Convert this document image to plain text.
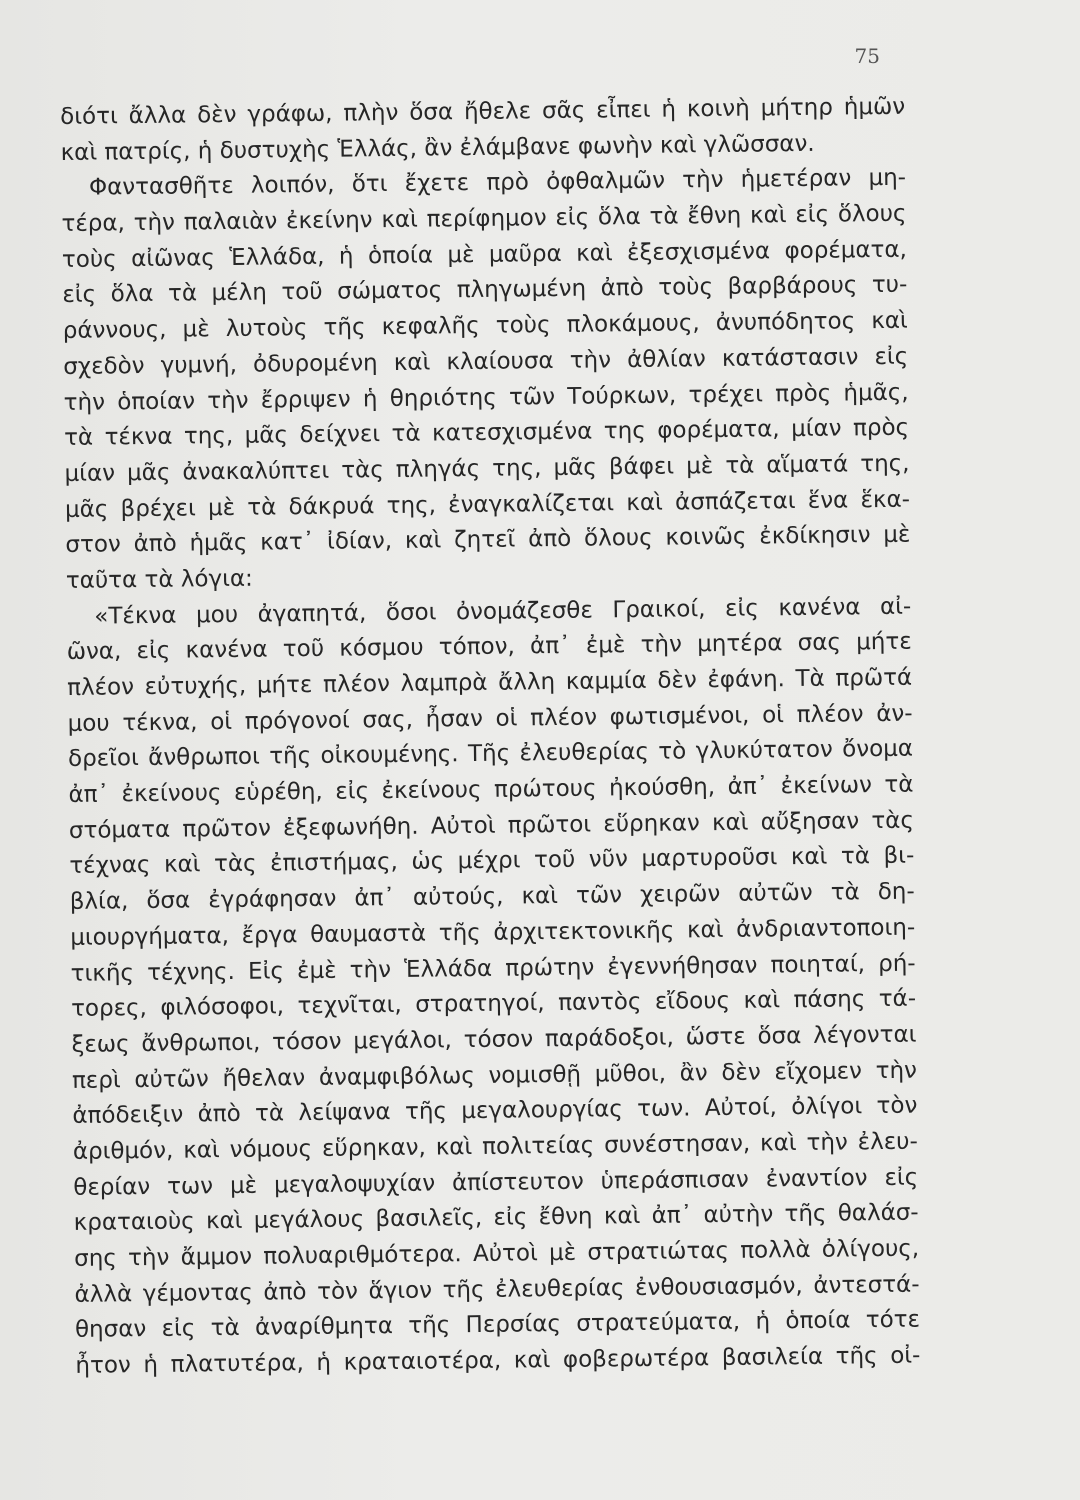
75
διότι ἄλλα δὲν γράφω, πλὴν ὅσα ἤθελε σᾶς εἶπει ἡ κοινὴ μήτηρ ἡμῶν
καὶ πατρίς, ἡ δυστυχὴς Ἑλλάς, ἂν ἐλάμβανε φωνὴν καὶ γλῶσσαν.
Φαντασθῆτε λοιπόν, ὅτι ἔχετε πρὸ ὀφθαλμῶν τὴν ἡμετέραν μη-
τέρα, τὴν παλαιὰν ἐκείνην καὶ περίφημον εἰς ὅλα τὰ ἔθνη καὶ εἰς ὅλους
τοὺς αἰῶνας Ἑλλάδα, ἡ ὁποία μὲ μαῦρα καὶ ἐξεσχισμένα φορέματα,
εἰς ὅλα τὰ μέλη τοῦ σώματος πληγωμένη ἀπὸ τοὺς βαρβάρους τυ-
ράννους, μὲ λυτοὺς τῆς κεφαλῆς τοὺς πλοκάμους, ἀνυπόδητος καὶ
σχεδὸν γυμνή, ὀδυρομένη καὶ κλαίουσα τὴν ἀθλίαν κατάστασιν εἰς
τὴν ὁποίαν τὴν ἔρριψεν ἡ θηριότης τῶν Τούρκων, τρέχει πρὸς ἡμᾶς,
τὰ τέκνα της, μᾶς δείχνει τὰ κατεσχισμένα της φορέματα, μίαν πρὸς
μίαν μᾶς ἀνακαλύπτει τὰς πληγάς της, μᾶς βάφει μὲ τὰ αἵματά της,
μᾶς βρέχει μὲ τὰ δάκρυά της, ἐναγκαλίζεται καὶ ἀσπάζεται ἕνα ἕκα-
στον ἀπὸ ἡμᾶς κατ᾽ ἰδίαν, καὶ ζητεῖ ἀπὸ ὅλους κοινῶς ἐκδίκησιν μὲ
ταῦτα τὰ λόγια:
«Τέκνα μου ἀγαπητά, ὅσοι ὀνομάζεσθε Γραικοί, εἰς κανένα αἰ-
ῶνα, εἰς κανένα τοῦ κόσμου τόπον, ἀπ᾽ ἐμὲ τὴν μητέρα σας μήτε
πλέον εὐτυχής, μήτε πλέον λαμπρὰ ἄλλη καμμία δὲν ἐφάνη. Τὰ πρῶτά
μου τέκνα, οἱ πρόγονοί σας, ἦσαν οἱ πλέον φωτισμένοι, οἱ πλέον ἀν-
δρεῖοι ἄνθρωποι τῆς οἰκουμένης. Τῆς ἐλευθερίας τὸ γλυκύτατον ὄνομα
ἀπ᾽ ἐκείνους εὑρέθη, εἰς ἐκείνους πρώτους ἠκούσθη, ἀπ᾽ ἐκείνων τὰ
στόματα πρῶτον ἐξεφωνήθη. Αὐτοὶ πρῶτοι εὕρηκαν καὶ αὔξησαν τὰς
τέχνας καὶ τὰς ἐπιστήμας, ὡς μέχρι τοῦ νῦν μαρτυροῦσι καὶ τὰ βι-
βλία, ὅσα ἐγράφησαν ἀπ᾽ αὐτούς, καὶ τῶν χειρῶν αὐτῶν τὰ δη-
μιουργήματα, ἔργα θαυμαστὰ τῆς ἀρχιτεκτονικῆς καὶ ἀνδριαντοποιη-
τικῆς τέχνης. Εἰς ἐμὲ τὴν Ἑλλάδα πρώτην ἐγεννήθησαν ποιηταί, ρή-
τορες, φιλόσοφοι, τεχνῖται, στρατηγοί, παντὸς εἴδους καὶ πάσης τά-
ξεως ἄνθρωποι, τόσον μεγάλοι, τόσον παράδοξοι, ὥστε ὅσα λέγονται
περὶ αὐτῶν ἤθελαν ἀναμφιβόλως νομισθῇ μῦθοι, ἂν δὲν εἴχομεν τὴν
ἀπόδειξιν ἀπὸ τὰ λείψανα τῆς μεγαλουργίας των. Αὐτοί, ὀλίγοι τὸν
ἀριθμόν, καὶ νόμους εὕρηκαν, καὶ πολιτείας συνέστησαν, καὶ τὴν ἐλευ-
θερίαν των μὲ μεγαλοψυχίαν ἀπίστευτον ὑπεράσπισαν ἐναντίον εἰς
κραταιοὺς καὶ μεγάλους βασιλεῖς, εἰς ἔθνη καὶ ἀπ᾽ αὐτὴν τῆς θαλάσ-
σης τὴν ἄμμον πολυαριθμότερα. Αὐτοὶ μὲ στρατιώτας πολλὰ ὀλίγους,
ἀλλὰ γέμοντας ἀπὸ τὸν ἅγιον τῆς ἐλευθερίας ἐνθουσιασμόν, ἀντεστά-
θησαν εἰς τὰ ἀναρίθμητα τῆς Περσίας στρατεύματα, ἡ ὁποία τότε
ἦτον ἡ πλατυτέρα, ἡ κραταιοτέρα, καὶ φοβερωτέρα βασιλεία τῆς οἰ-
